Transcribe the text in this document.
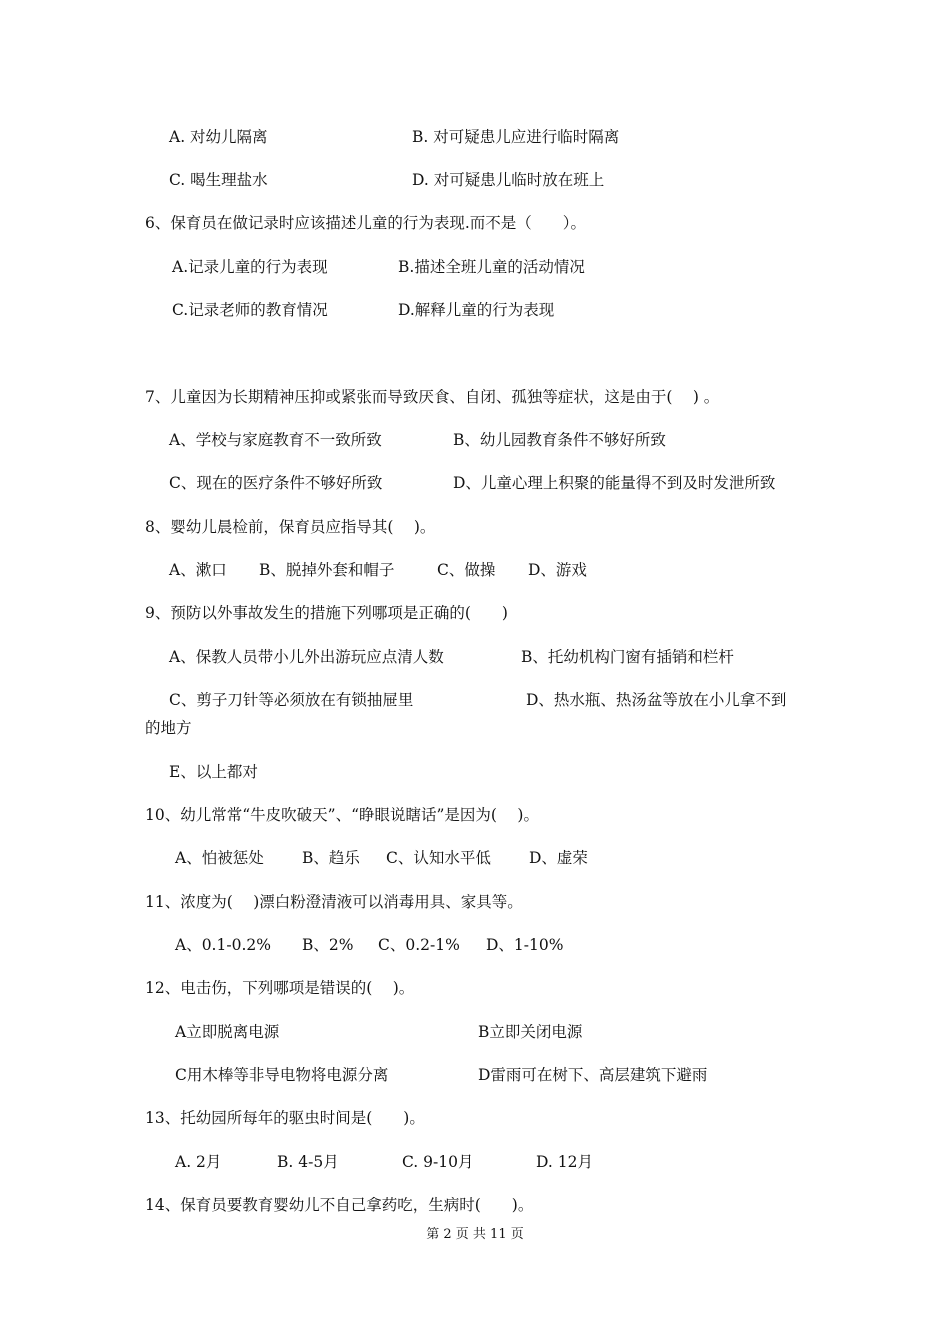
A. 对幼儿隔离	B. 对可疑患儿应进行临时隔离
C. 喝生理盐水	D. 对可疑患儿临时放在班上
6、保育员在做记录时应该描述儿童的行为表现.而不是（　　）。
A.记录儿童的行为表现	B.描述全班儿童的活动情况
C.记录老师的教育情况	D.解释儿童的行为表现
7、儿童因为长期精神压抑或紧张而导致厌食、自闭、孤独等症状，这是由于(　 ) 。
A、学校与家庭教育不一致所致	B、幼儿园教育条件不够好所致
C、现在的医疗条件不够好所致	D、儿童心理上积聚的能量得不到及时发泄所致
8、婴幼儿晨检前，保育员应指导其(　 )。
A、漱口 B、脱掉外套和帽子	C、做操 D、游戏
9、预防以外事故发生的措施下列哪项是正确的(　　)
A、保教人员带小儿外出游玩应点清人数	B、托幼机构门窗有插销和栏杆
C、剪子刀针等必须放在有锁抽屉里	D、热水瓶、热汤盆等放在小儿拿不到
的地方
E、以上都对
10、幼儿常常“牛皮吹破天”、“睁眼说瞎话”是因为(　 )。
A、怕被惩处 B、趋乐 C、认知水平低 D、虚荣
11、浓度为(　 )漂白粉澄清液可以消毒用具、家具等。
A、0.1-0.2% B、2% C、0.2-1% D、1-10%
12、电击伤，下列哪项是错误的(　 )。
A立即脱离电源	B立即关闭电源
C用木棒等非导电物将电源分离	D雷雨可在树下、高层建筑下避雨
13、托幼园所每年的驱虫时间是(　　)。
A. 2月	B. 4-5月	C. 9-10月	D. 12月
14、保育员要教育婴幼儿不自己拿药吃，生病时(　　)。
第 2 页 共 11 页
